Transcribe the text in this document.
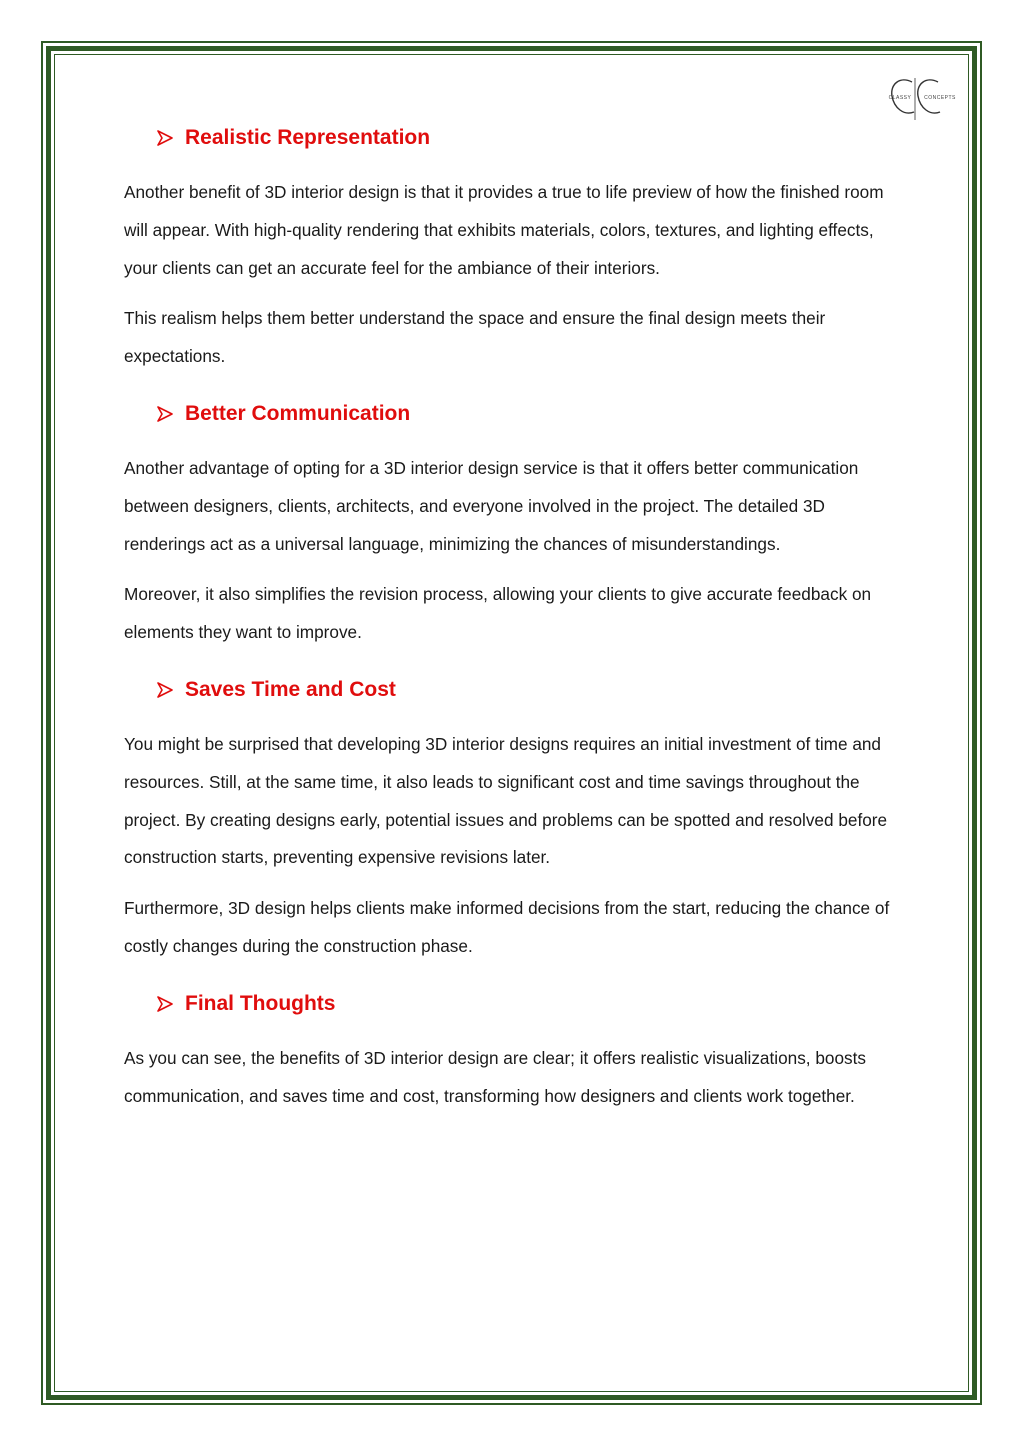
CLASSY	CONCEPTS
Realistic Representation

Another benefit of 3D interior design is that it provides a true to life preview of how the finished room will appear. With high-quality rendering that exhibits materials, colors, textures, and lighting effects, your clients can get an accurate feel for the ambiance of their interiors.

This realism helps them better understand the space and ensure the final design meets their expectations.

Better Communication

Another advantage of opting for a 3D interior design service is that it offers better communication between designers, clients, architects, and everyone involved in the project. The detailed 3D renderings act as a universal language, minimizing the chances of misunderstandings.

Moreover, it also simplifies the revision process, allowing your clients to give accurate feedback on elements they want to improve.

Saves Time and Cost

You might be surprised that developing 3D interior designs requires an initial investment of time and resources. Still, at the same time, it also leads to significant cost and time savings throughout the project. By creating designs early, potential issues and problems can be spotted and resolved before construction starts, preventing expensive revisions later.

Furthermore, 3D design helps clients make informed decisions from the start, reducing the chance of costly changes during the construction phase.

Final Thoughts

As you can see, the benefits of 3D interior design are clear; it offers realistic visualizations, boosts communication, and saves time and cost, transforming how designers and clients work together.
